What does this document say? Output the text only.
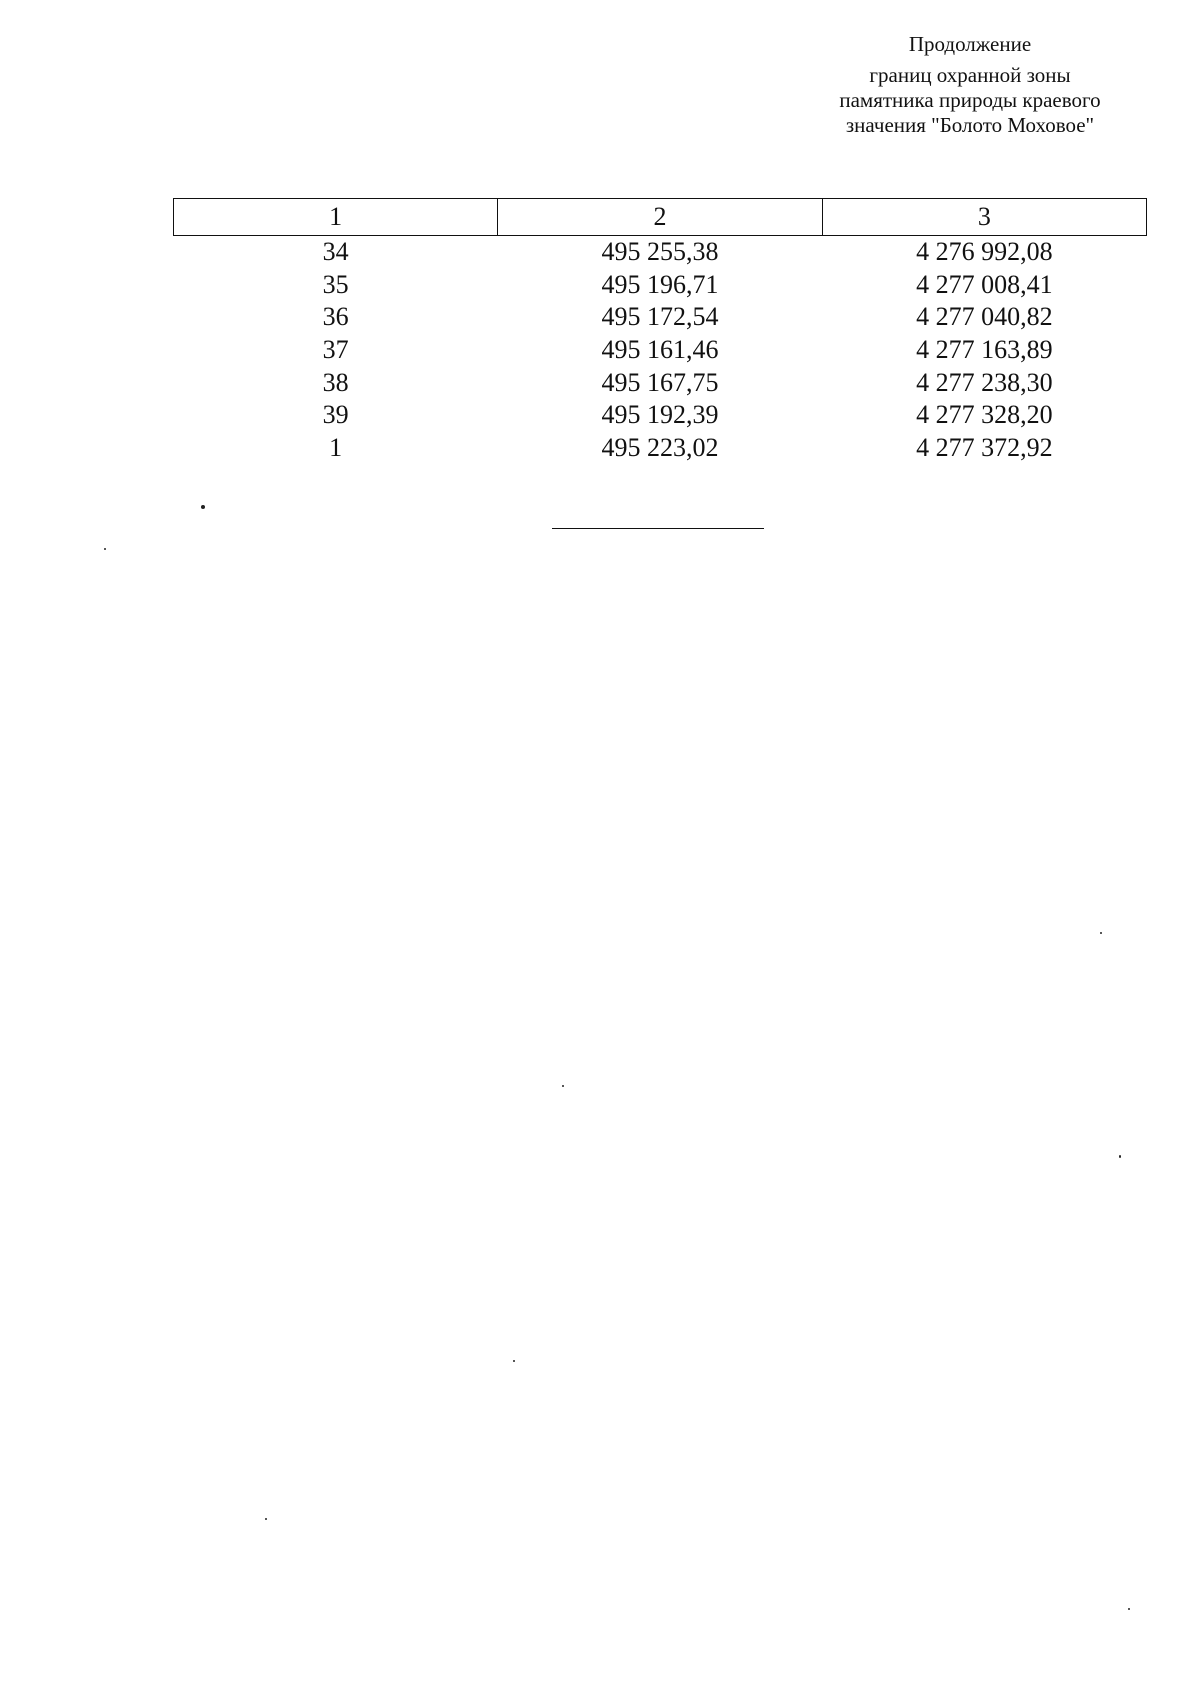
Продолжение
границ охранной зоны
памятника природы краевого
значения "Болото Моховое"
1	2	3
34	495 255,38	4 276 992,08
35	495 196,71	4 277 008,41
36	495 172,54	4 277 040,82
37	495 161,46	4 277 163,89
38	495 167,75	4 277 238,30
39	495 192,39	4 277 328,20
1	495 223,02	4 277 372,92
